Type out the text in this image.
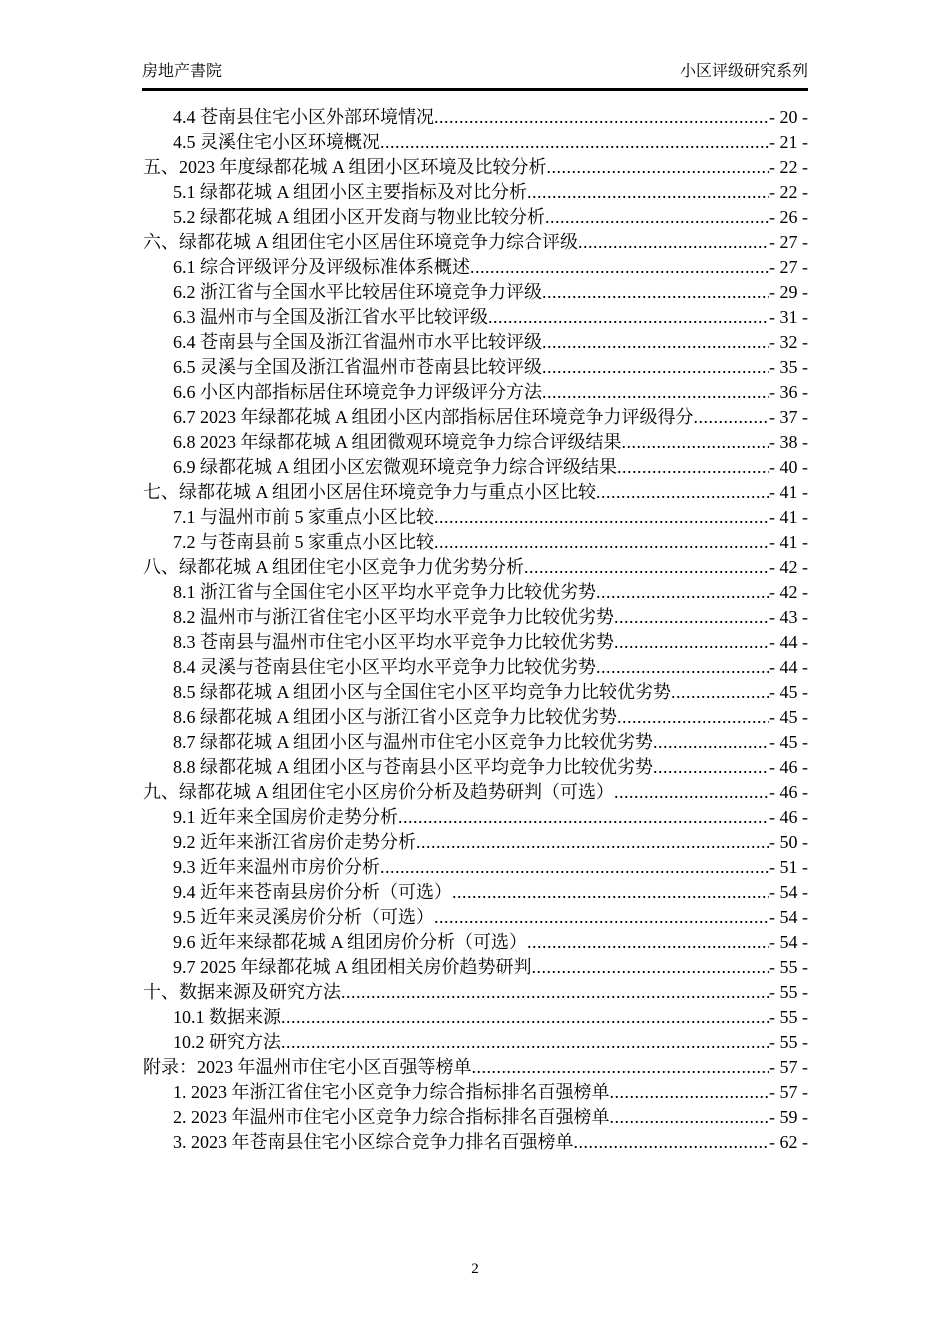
房地产書院	小区评级研究系列
4.4 苍南县住宅小区外部环境情况 .....	- 20 -
4.5 灵溪住宅小区环境概况 .....	- 21 -
五、2023 年度绿都花城 A 组团小区环境及比较分析 .....	- 22 -
5.1 绿都花城 A 组团小区主要指标及对比分析 .....	- 22 -
5.2 绿都花城 A 组团小区开发商与物业比较分析 .....	- 26 -
六、绿都花城 A 组团住宅小区居住环境竞争力综合评级 .....	- 27 -
6.1 综合评级评分及评级标准体系概述 .....	- 27 -
6.2 浙江省与全国水平比较居住环境竞争力评级 .....	- 29 -
6.3 温州市与全国及浙江省水平比较评级 .....	- 31 -
6.4 苍南县与全国及浙江省温州市水平比较评级 .....	- 32 -
6.5 灵溪与全国及浙江省温州市苍南县比较评级 .....	- 35 -
6.6 小区内部指标居住环境竞争力评级评分方法 .....	- 36 -
6.7 2023 年绿都花城 A 组团小区内部指标居住环境竞争力评级得分 .....	- 37 -
6.8 2023 年绿都花城 A 组团微观环境竞争力综合评级结果 .....	- 38 -
6.9 绿都花城 A 组团小区宏微观环境竞争力综合评级结果 .....	- 40 -
七、绿都花城 A 组团小区居住环境竞争力与重点小区比较 .....	- 41 -
7.1 与温州市前 5 家重点小区比较 .....	- 41 -
7.2 与苍南县前 5 家重点小区比较 .....	- 41 -
八、绿都花城 A 组团住宅小区竞争力优劣势分析 .....	- 42 -
8.1 浙江省与全国住宅小区平均水平竞争力比较优劣势 .....	- 42 -
8.2 温州市与浙江省住宅小区平均水平竞争力比较优劣势 .....	- 43 -
8.3 苍南县与温州市住宅小区平均水平竞争力比较优劣势 .....	- 44 -
8.4 灵溪与苍南县住宅小区平均水平竞争力比较优劣势 .....	- 44 -
8.5 绿都花城 A 组团小区与全国住宅小区平均竞争力比较优劣势 .....	- 45 -
8.6 绿都花城 A 组团小区与浙江省小区竞争力比较优劣势 .....	- 45 -
8.7 绿都花城 A 组团小区与温州市住宅小区竞争力比较优劣势 .....	- 45 -
8.8 绿都花城 A 组团小区与苍南县小区平均竞争力比较优劣势 .....	- 46 -
九、绿都花城 A 组团住宅小区房价分析及趋势研判（可选） .....	- 46 -
9.1 近年来全国房价走势分析 .....	- 46 -
9.2 近年来浙江省房价走势分析 .....	- 50 -
9.3 近年来温州市房价分析 .....	- 51 -
9.4 近年来苍南县房价分析（可选） .....	- 54 -
9.5 近年来灵溪房价分析（可选） .....	- 54 -
9.6 近年来绿都花城 A 组团房价分析（可选） .....	- 54 -
9.7 2025 年绿都花城 A 组团相关房价趋势研判 .....	- 55 -
十、数据来源及研究方法 .....	- 55 -
10.1 数据来源 .....	- 55 -
10.2 研究方法 .....	- 55 -
附录：2023 年温州市住宅小区百强等榜单 .....	- 57 -
1. 2023 年浙江省住宅小区竞争力综合指标排名百强榜单 .....	- 57 -
2. 2023 年温州市住宅小区竞争力综合指标排名百强榜单 .....	- 59 -
3. 2023 年苍南县住宅小区综合竞争力排名百强榜单 .....	- 62 -
2
